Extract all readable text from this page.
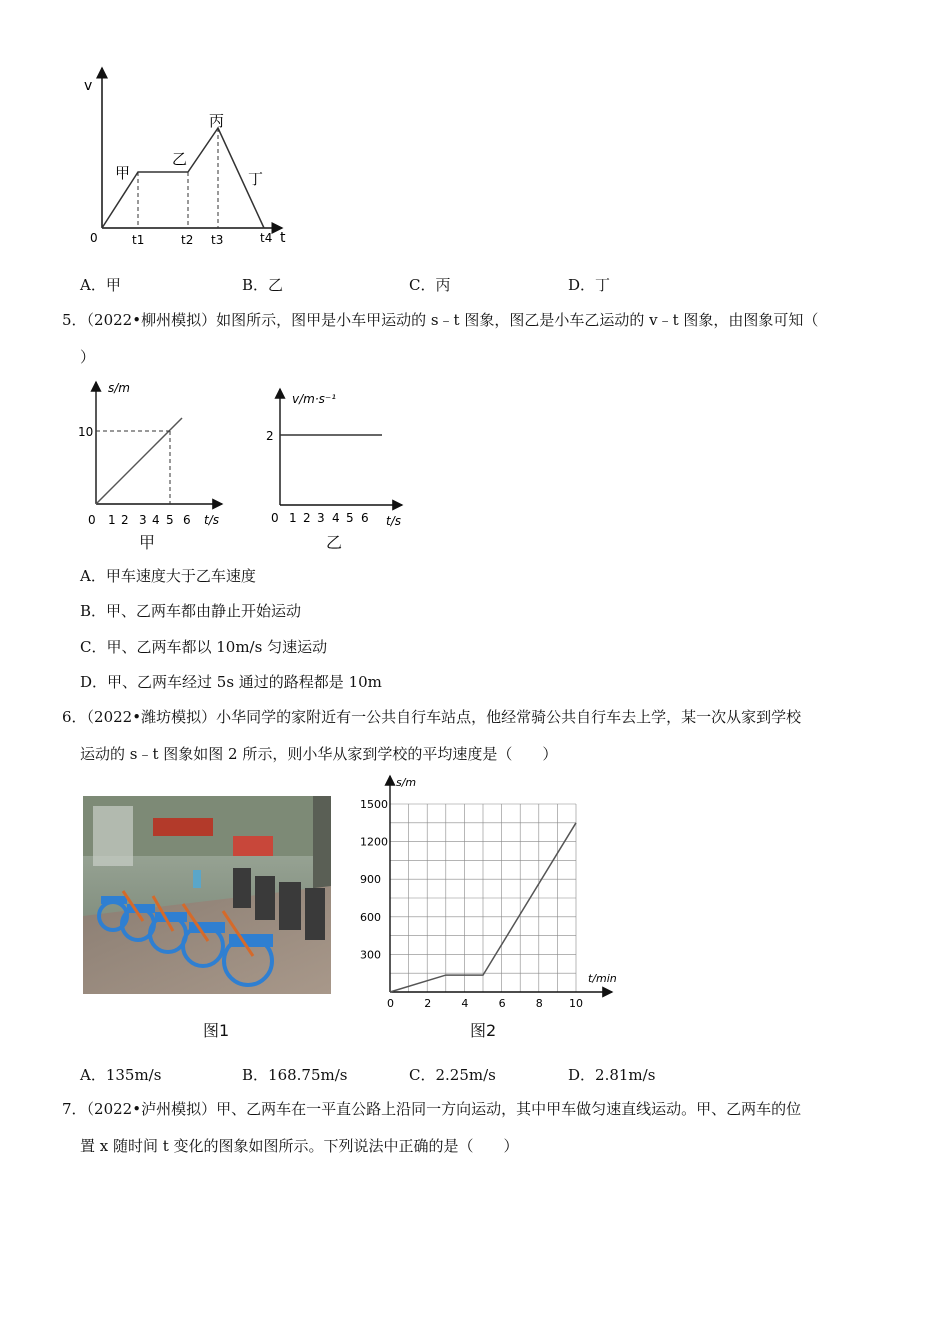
v
t
0
甲
乙
丙
丁
t1	t2 t3	t4
A．甲	B．乙	C．丙	D．丁
5．（2022•柳州模拟）如图所示，图甲是小车甲运动的 s﹣t 图象，图乙是小车乙运动的 v﹣t 图象，由图象可知（
）
s/m
10
t/s
0 1 2 3 4 5 6
甲
v/m·s⁻¹
2
t/s
0 1 2 3 4 5 6
乙
A．甲车速度大于乙车速度
B．甲、乙两车都由静止开始运动
C．甲、乙两车都以 10m/s 匀速运动
D．甲、乙两车经过 5s 通过的路程都是 10m
6．（2022•潍坊模拟）小华同学的家附近有一公共自行车站点，他经常骑公共自行车去上学，某一次从家到学校
运动的 s﹣t 图象如图 2 所示，则小华从家到学校的平均速度是（　　）
图1
s/m
t/min
0	2	4	6	8 10
300
600
900
1200
1500
图2
A．135m/s	B．168.75m/s	C．2.25m/s	D．2.81m/s
7．（2022•泸州模拟）甲、乙两车在一平直公路上沿同一方向运动，其中甲车做匀速直线运动。甲、乙两车的位
置 x 随时间 t 变化的图象如图所示。下列说法中正确的是（　　）
